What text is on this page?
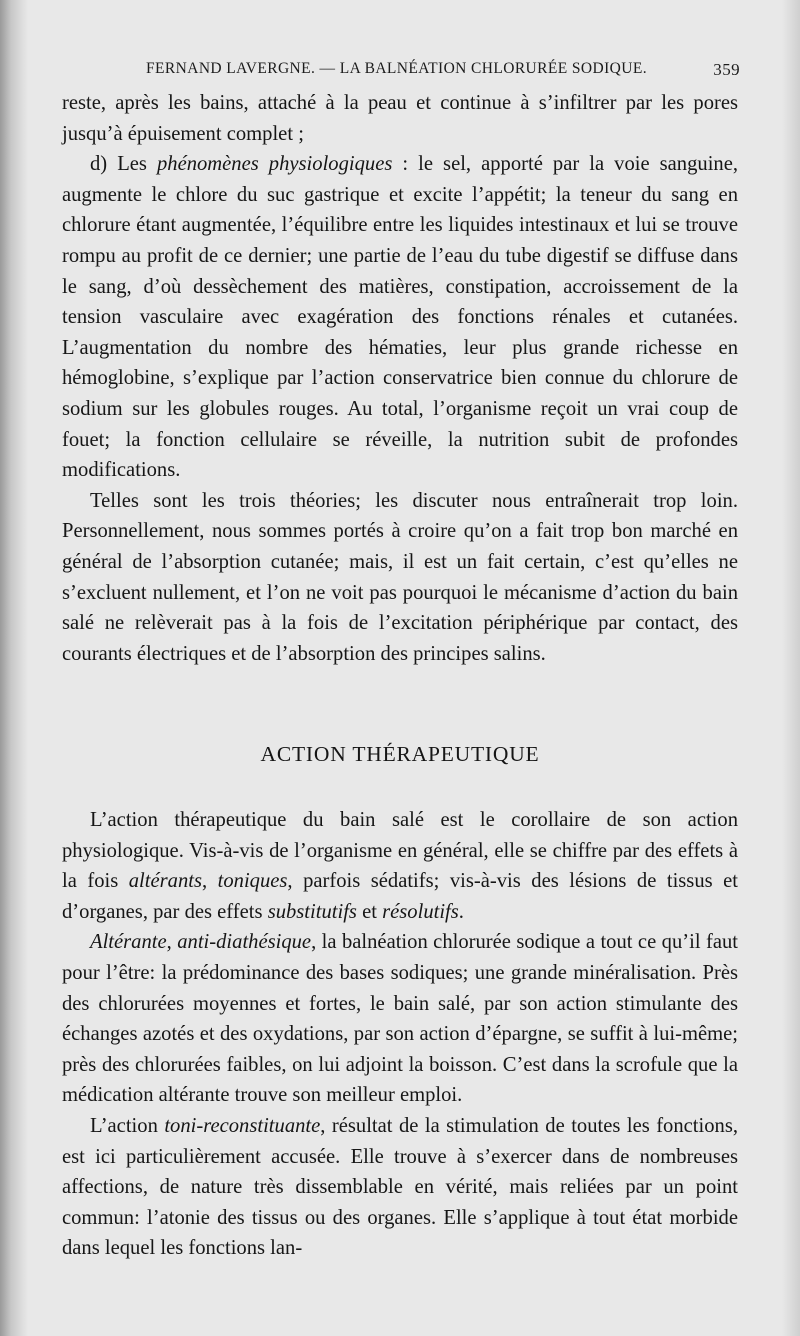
FERNAND LAVERGNE. — LA BALNÉATION CHLORURÉE SODIQUE.	359

reste, après les bains, attaché à la peau et continue à s’infiltrer par les pores jusqu’à épuisement complet ;

d) Les phénomènes physiologiques : le sel, apporté par la voie sanguine, augmente le chlore du suc gastrique et excite l’appétit; la teneur du sang en chlorure étant augmentée, l’équilibre entre les liquides intestinaux et lui se trouve rompu au profit de ce dernier; une partie de l’eau du tube digestif se diffuse dans le sang, d’où dessèchement des matières, constipation, accroissement de la tension vasculaire avec exagération des fonctions rénales et cutanées. L’augmentation du nombre des hématies, leur plus grande richesse en hémoglobine, s’explique par l’action conservatrice bien connue du chlorure de sodium sur les globules rouges. Au total, l’organisme reçoit un vrai coup de fouet; la fonction cellulaire se réveille, la nutrition subit de profondes modifications.

Telles sont les trois théories; les discuter nous entraînerait trop loin. Personnellement, nous sommes portés à croire qu’on a fait trop bon marché en général de l’absorption cutanée; mais, il est un fait certain, c’est qu’elles ne s’excluent nullement, et l’on ne voit pas pourquoi le mécanisme d’action du bain salé ne relèverait pas à la fois de l’excitation périphérique par contact, des courants électriques et de l’absorption des principes salins.

ACTION THÉRAPEUTIQUE

L’action thérapeutique du bain salé est le corollaire de son action physiologique. Vis-à-vis de l’organisme en général, elle se chiffre par des effets à la fois altérants, toniques, parfois sédatifs; vis-à-vis des lésions de tissus et d’organes, par des effets substitutifs et résolutifs.

Altérante, anti-diathésique, la balnéation chlorurée sodique a tout ce qu’il faut pour l’être: la prédominance des bases sodiques; une grande minéralisation. Près des chlorurées moyennes et fortes, le bain salé, par son action stimulante des échanges azotés et des oxydations, par son action d’épargne, se suffit à lui-même; près des chlorurées faibles, on lui adjoint la boisson. C’est dans la scrofule que la médication altérante trouve son meilleur emploi.

L’action toni-reconstituante, résultat de la stimulation de toutes les fonctions, est ici particulièrement accusée. Elle trouve à s’exercer dans de nombreuses affections, de nature très dissemblable en vérité, mais reliées par un point commun: l’atonie des tissus ou des organes. Elle s’applique à tout état morbide dans lequel les fonctions lan-
